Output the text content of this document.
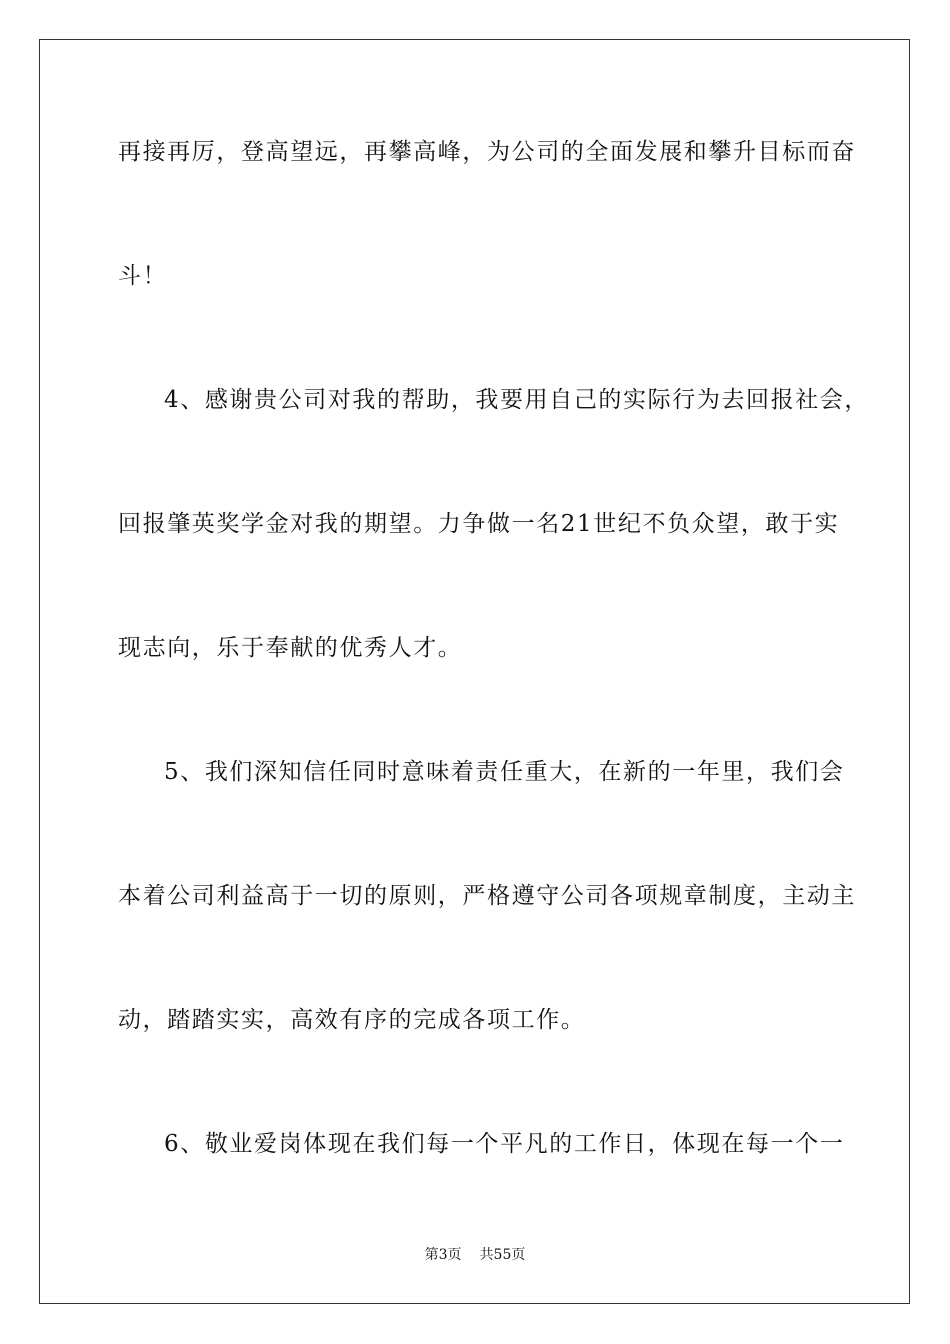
再接再厉，登高望远，再攀高峰，为公司的全面发展和攀升目标而奋
斗！
4、感谢贵公司对我的帮助，我要用自己的实际行为去回报社会，
回报肇英奖学金对我的期望。力争做一名21世纪不负众望，敢于实
现志向，乐于奉献的优秀人才。
5、我们深知信任同时意味着责任重大，在新的一年里，我们会
本着公司利益高于一切的原则，严格遵守公司各项规章制度，主动主
动，踏踏实实，高效有序的完成各项工作。
6、敬业爱岗体现在我们每一个平凡的工作日，体现在每一个一
第3页 共55页
